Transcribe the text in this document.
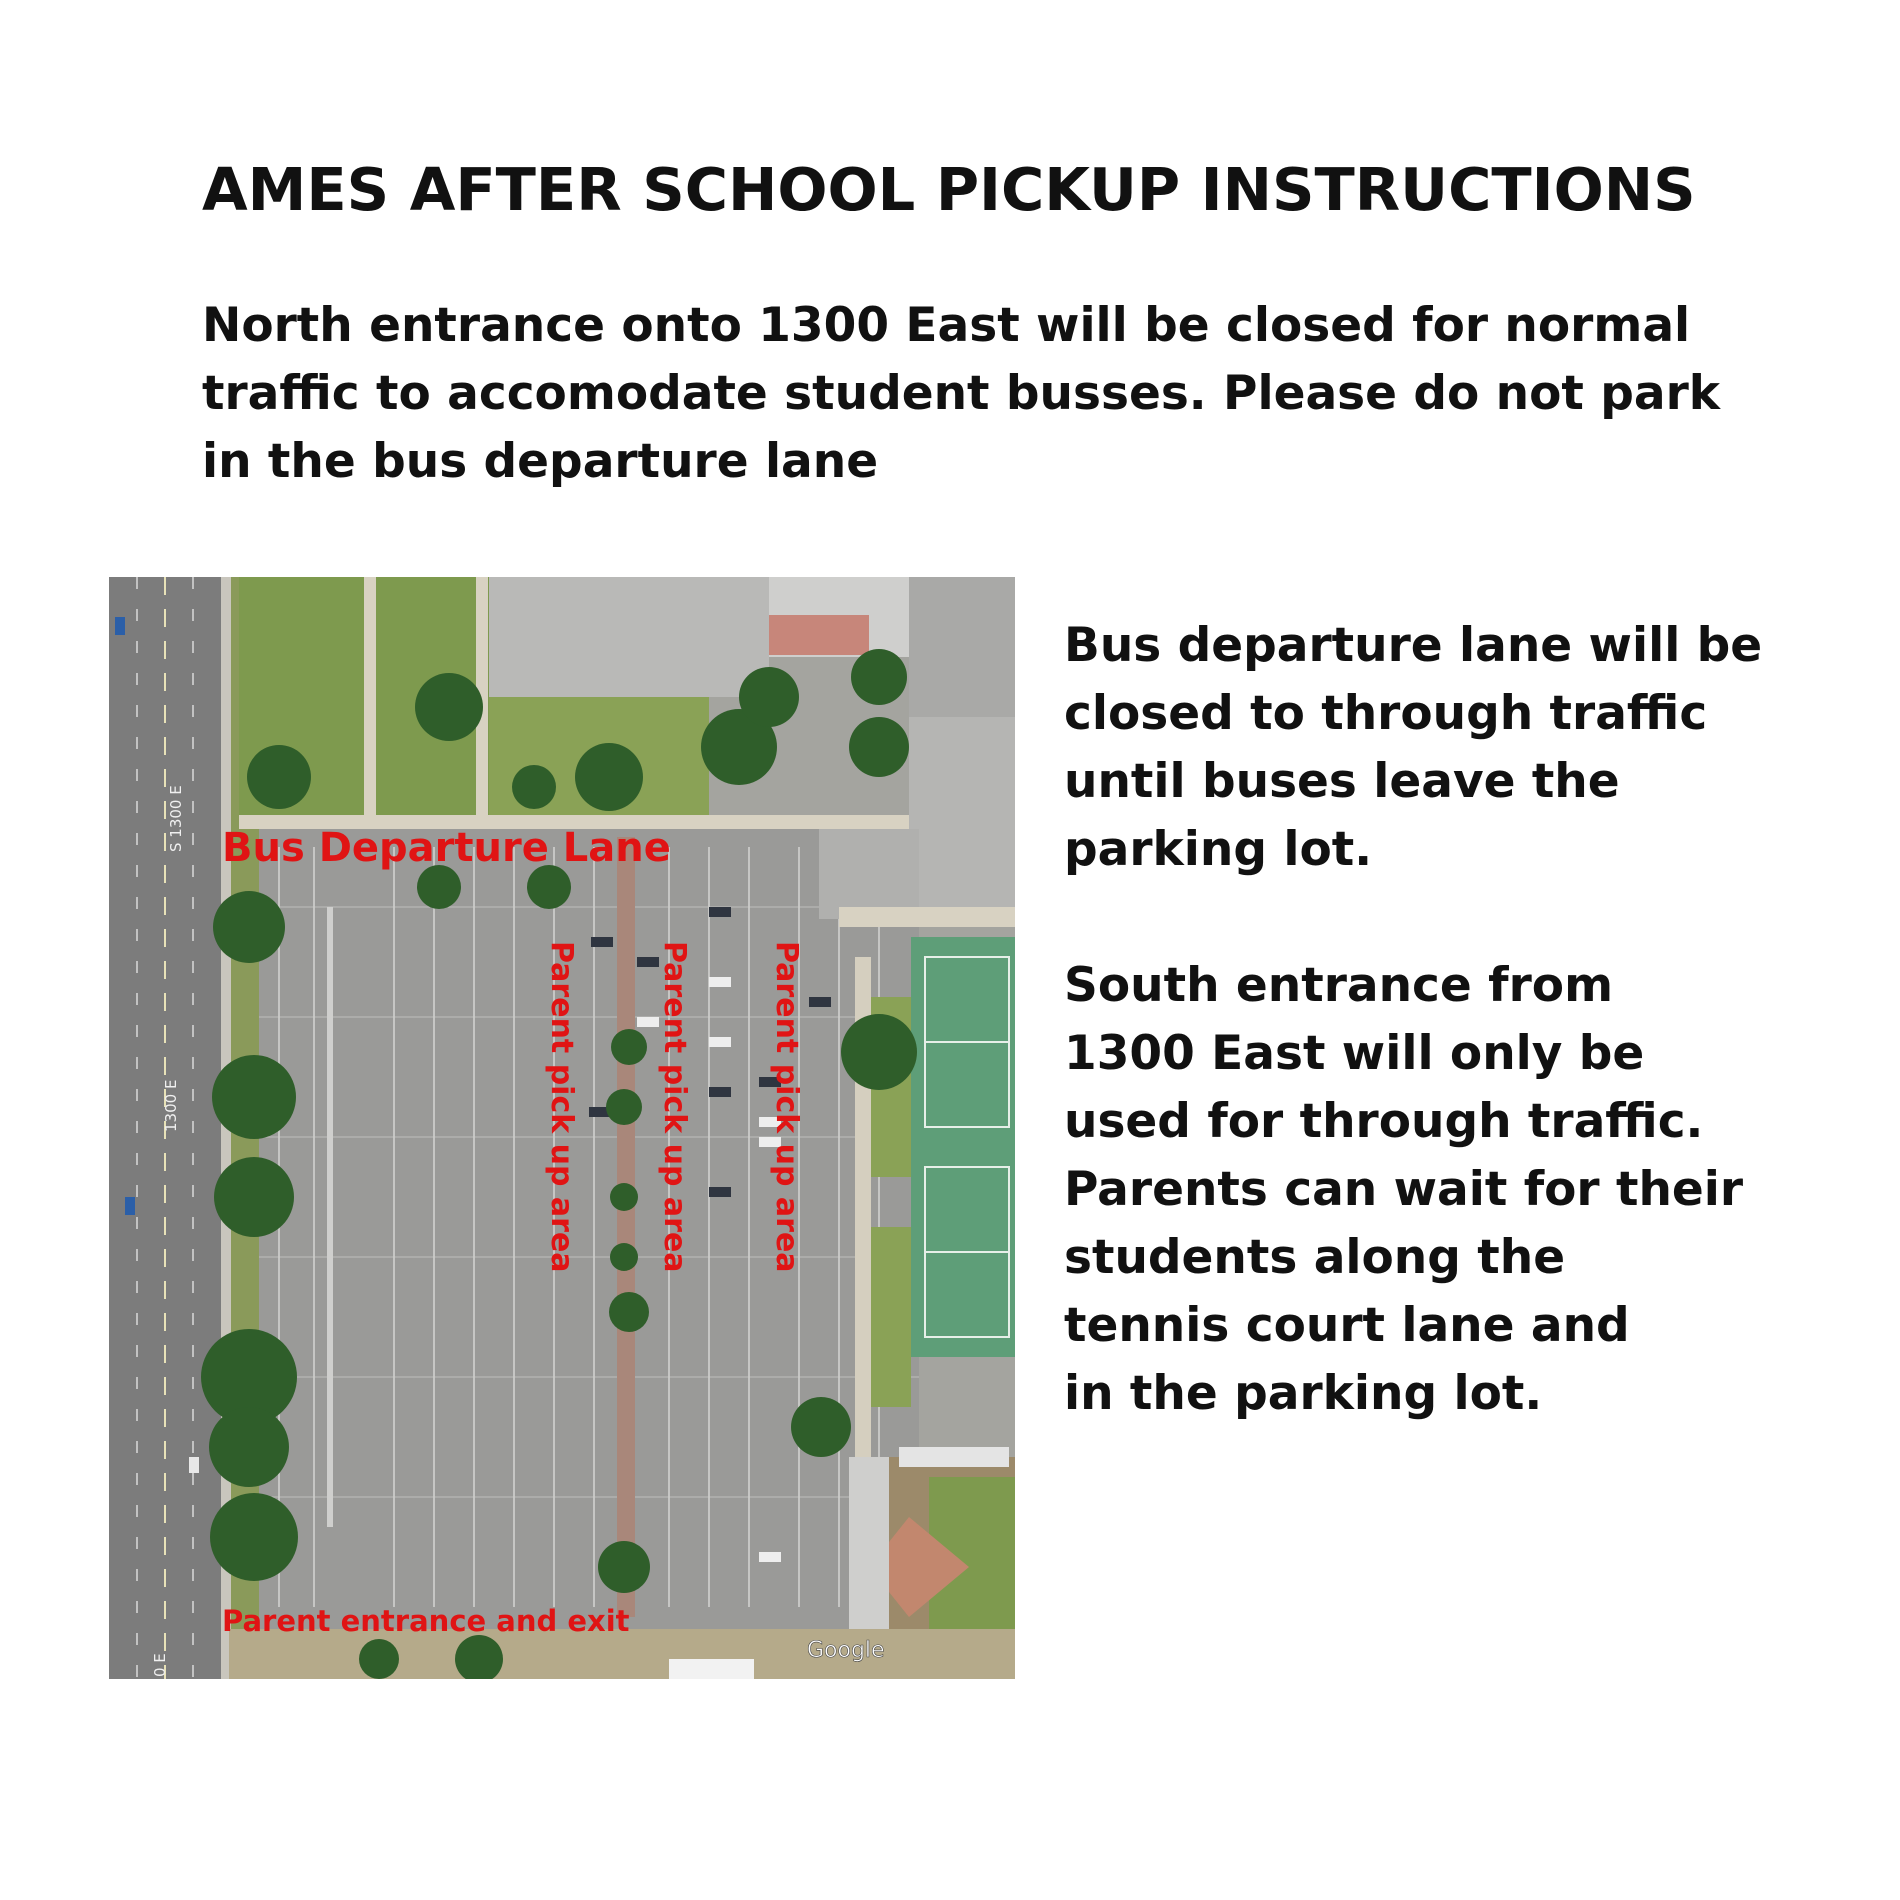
AMES AFTER SCHOOL PICKUP INSTRUCTIONS
North entrance onto 1300 East will be closed for normal
traffic to accomodate student busses. Please do not park
in the bus departure lane
S 1300 E
1300 E
0 E
Bus Departure Lane
Parent pick up area	Parent pick up area	Parent pick up area
Parent entrance and exit
Google
Bus departure lane will be
closed to through traffic
until buses leave the
parking lot.
South entrance from
1300 East will only be
used for through traffic.
Parents can wait for their
students along the
tennis court lane and
in the parking lot.
